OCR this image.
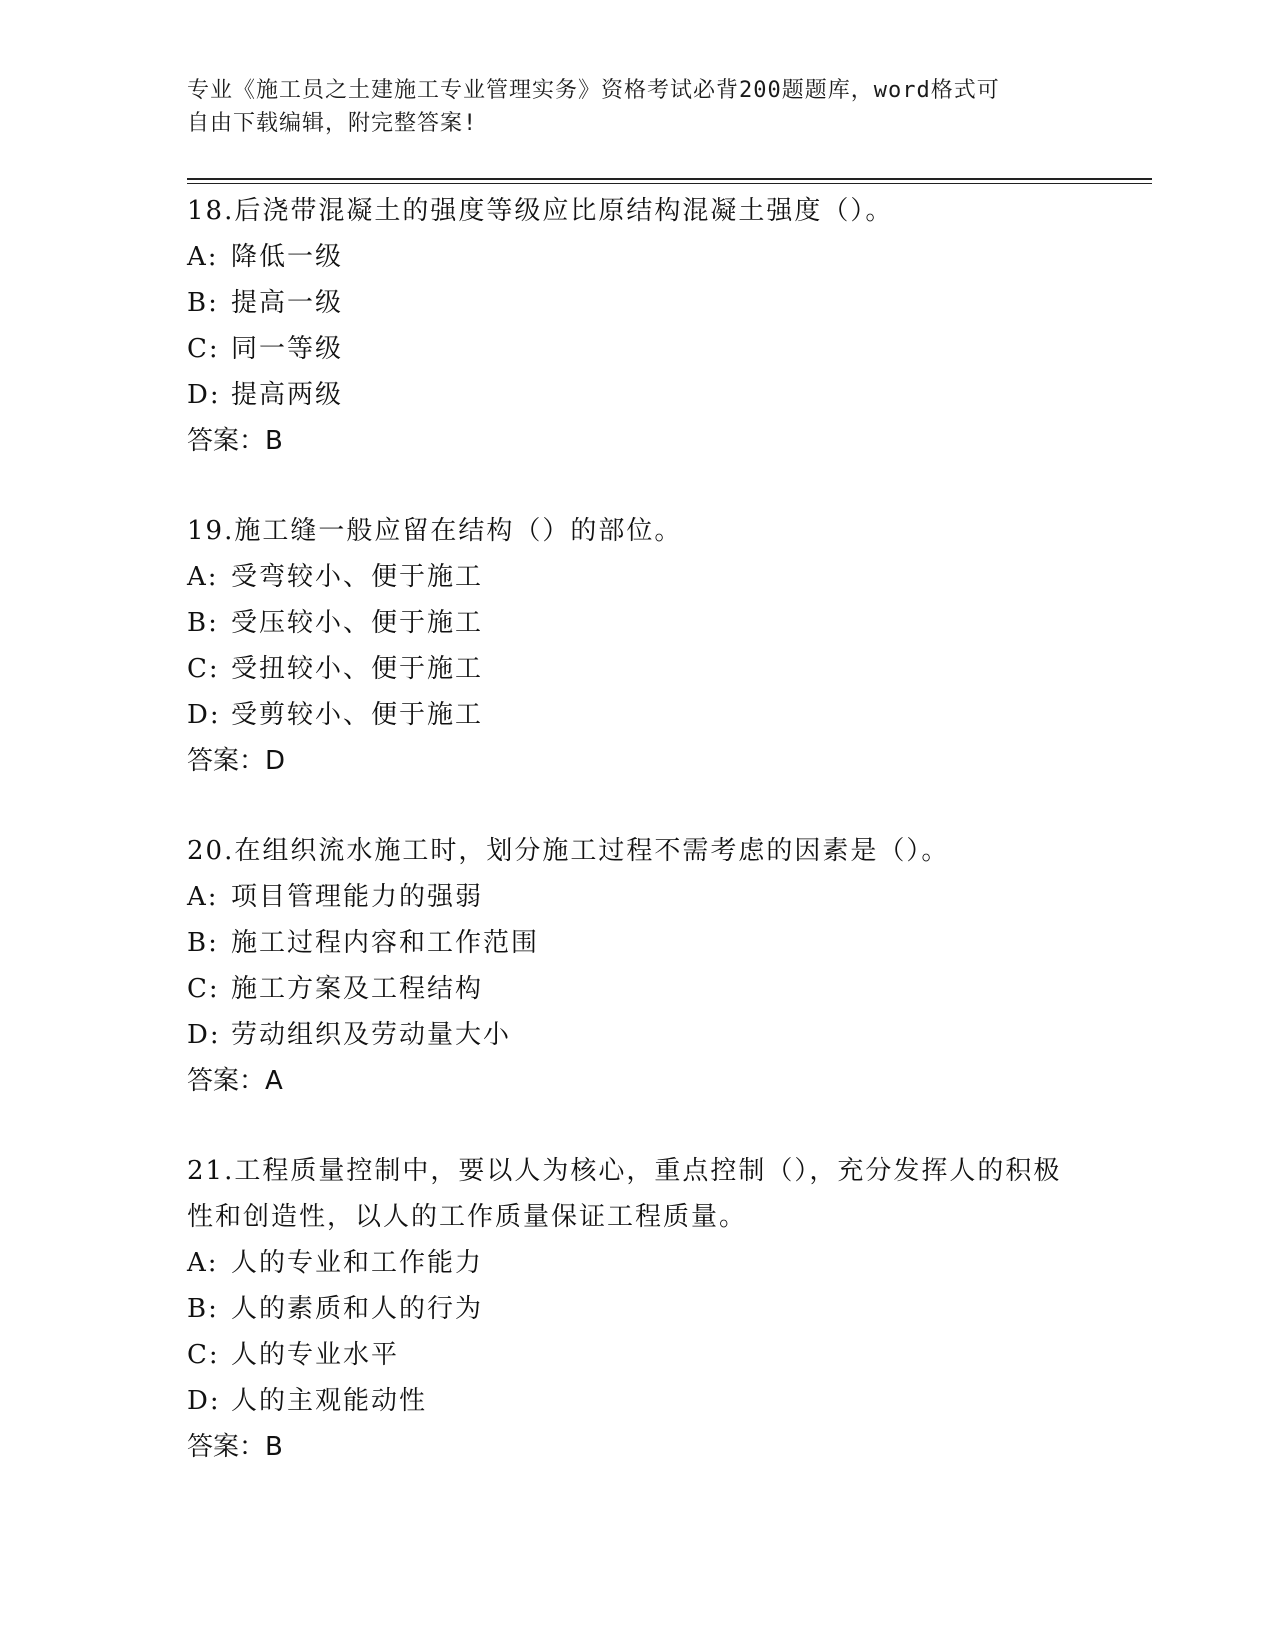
专业《施工员之土建施工专业管理实务》资格考试必背200题题库，word格式可
自由下载编辑，附完整答案!

18.后浇带混凝土的强度等级应比原结构混凝土强度（）。

A: 降低一级

B: 提高一级

C: 同一等级

D: 提高两级

答案：B

19.施工缝一般应留在结构（）的部位。

A: 受弯较小、便于施工

B: 受压较小、便于施工

C: 受扭较小、便于施工

D: 受剪较小、便于施工

答案：D

20.在组织流水施工时，划分施工过程不需考虑的因素是（）。

A: 项目管理能力的强弱

B: 施工过程内容和工作范围

C: 施工方案及工程结构

D: 劳动组织及劳动量大小

答案：A

21.工程质量控制中，要以人为核心，重点控制（），充分发挥人的积极性和创造性，以人的工作质量保证工程质量。

A: 人的专业和工作能力

B: 人的素质和人的行为

C: 人的专业水平

D: 人的主观能动性

答案：B
